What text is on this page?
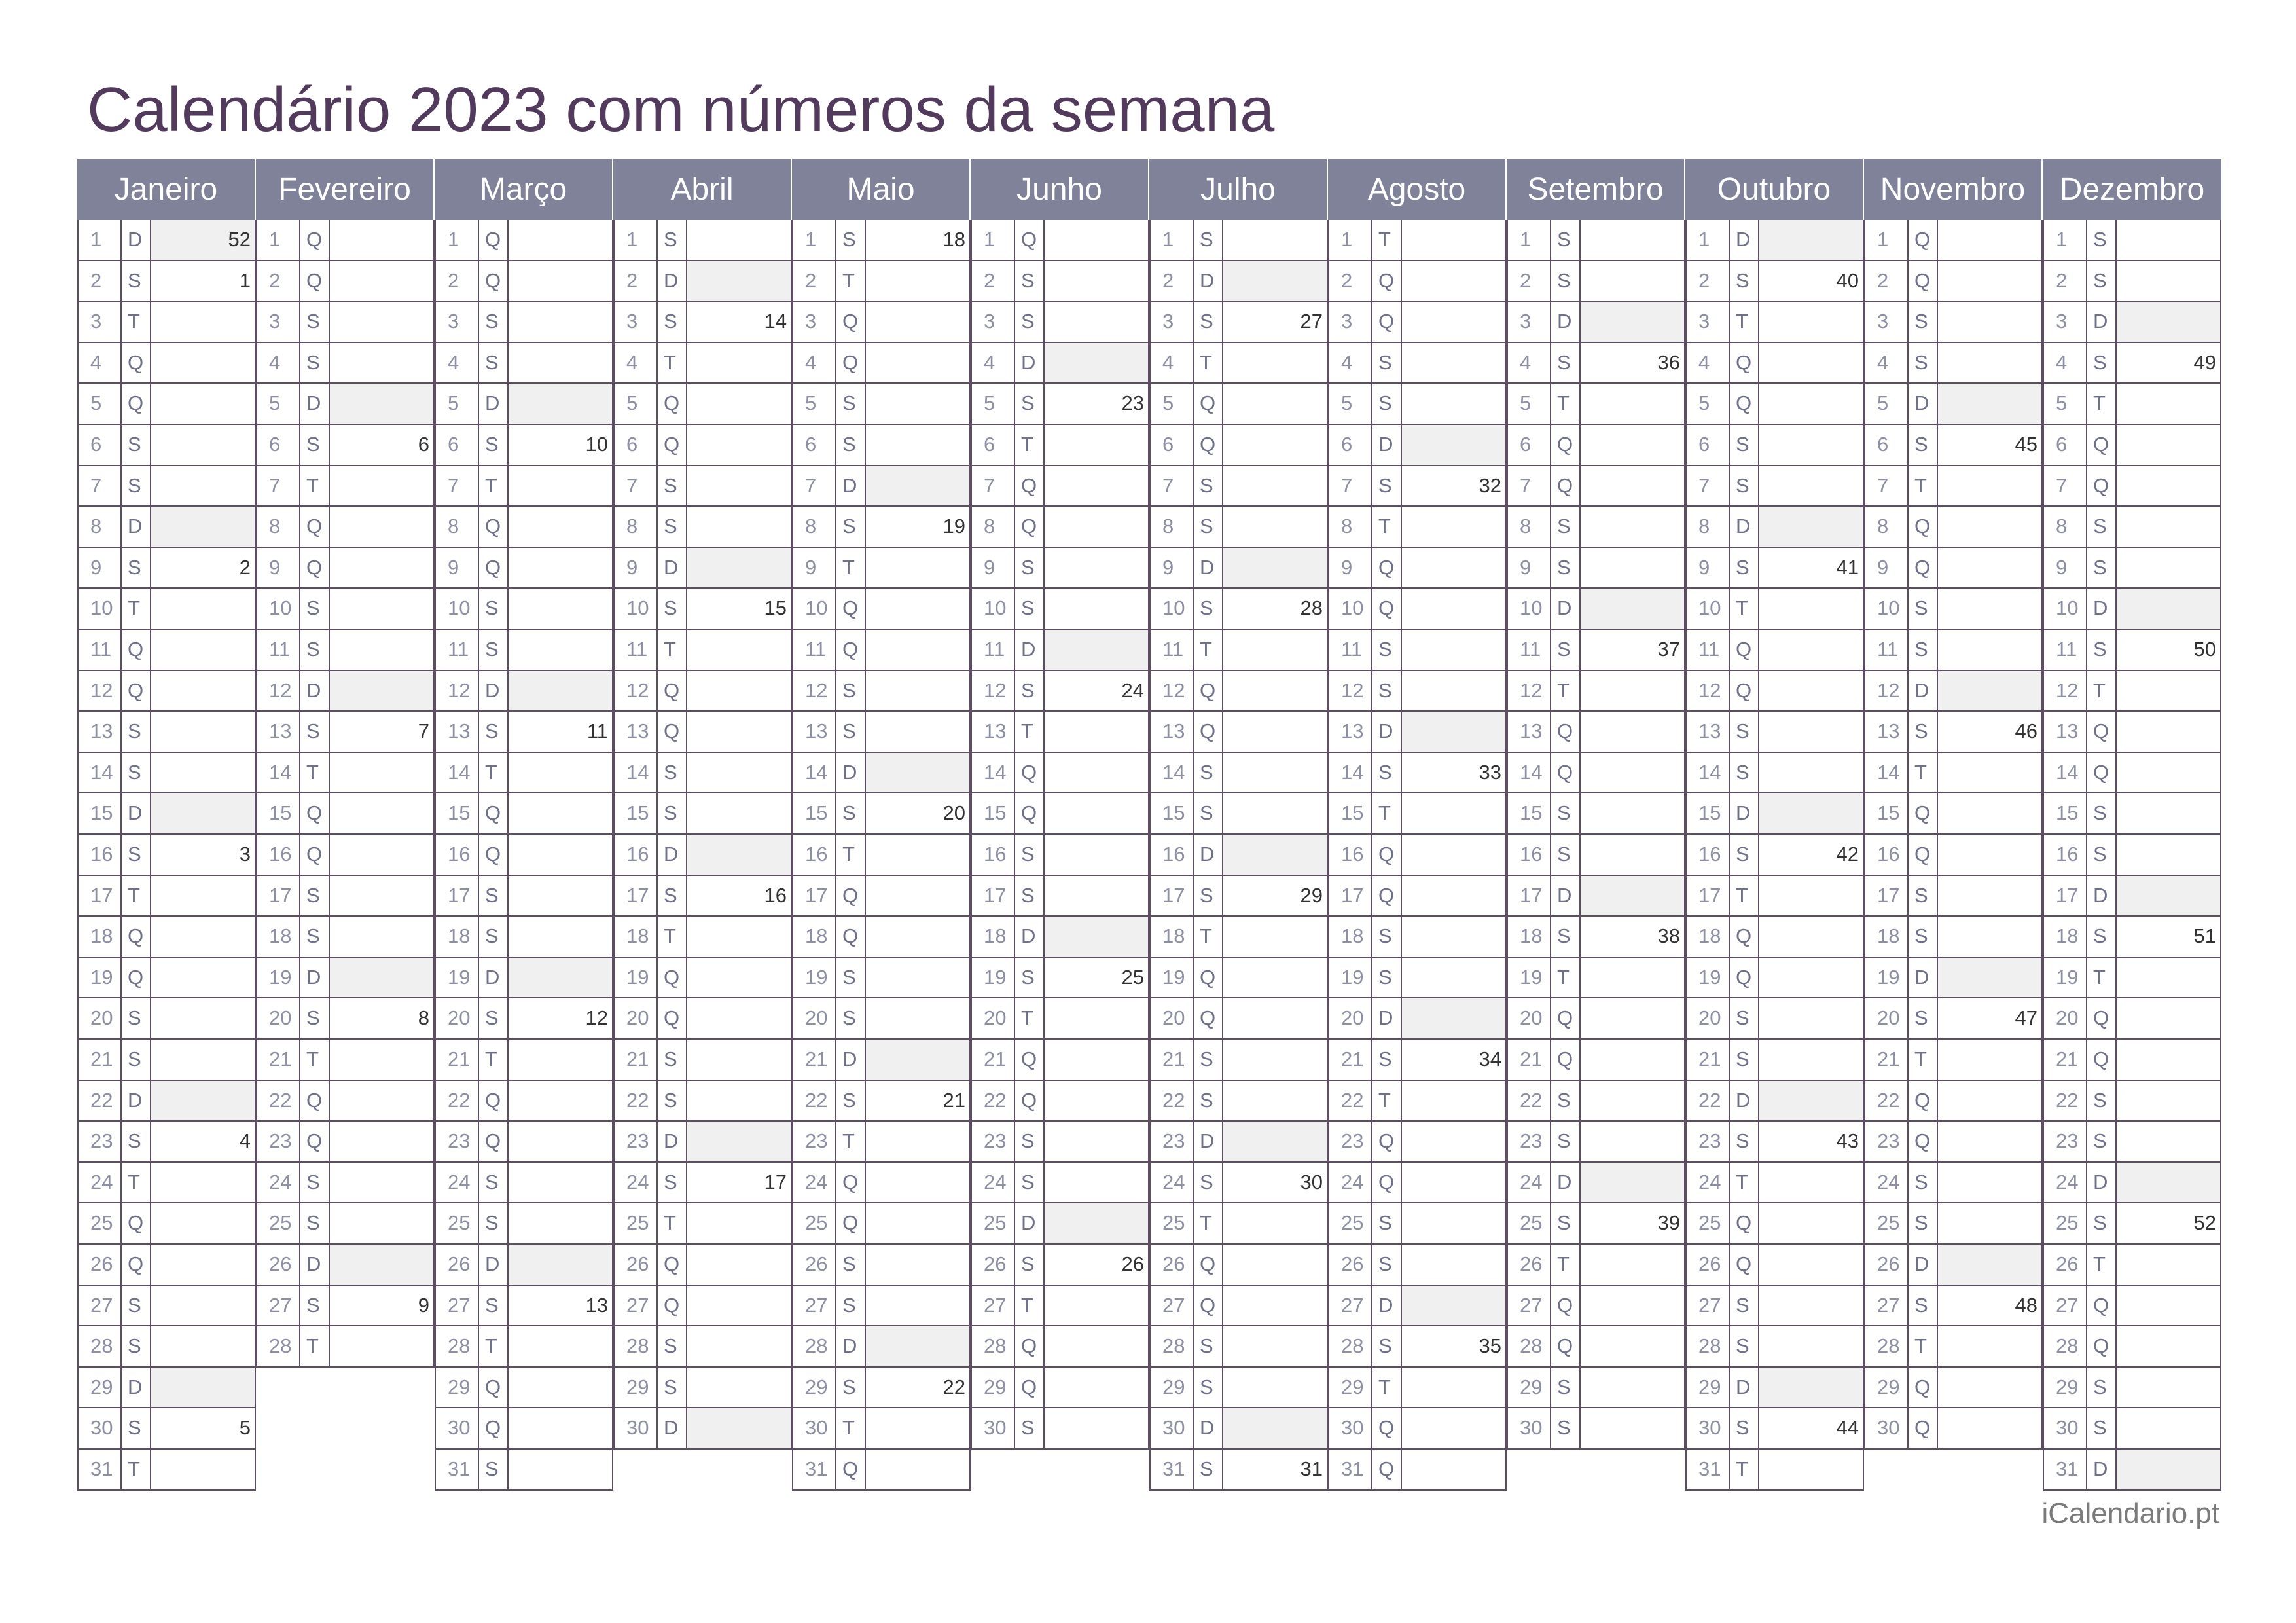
Calendário 2023 com números da semana
Janeiro
1	D	52
2	S	1
3	T
4	Q
5	Q
6	S
7	S
8	D
9	S	2
10 T
11 Q
12 Q
13 S
14 S
15 D
16 S	3
17 T
18 Q
19 Q
20 S
21 S
22 D
23 S	4
24 T
25 Q
26 Q
27 S
28 S
29 D
30 S	5
31 T
Fevereiro
1	Q
2	Q
3	S
4	S
5	D
6	S	6
7	T
8	Q
9	Q
10 S
11 S
12 D
13 S	7
14 T
15 Q
16 Q
17 S
18 S
19 D
20 S	8
21 T
22 Q
23 Q
24 S
25 S
26 D
27 S	9
28 T
Março
1	Q
2	Q
3	S
4	S
5	D
6	S	10
7	T
8	Q
9	Q
10 S
11 S
12 D
13 S	11
14 T
15 Q
16 Q
17 S
18 S
19 D
20 S	12
21 T
22 Q
23 Q
24 S
25 S
26 D
27 S	13
28 T
29 Q
30 Q
31 S
Abril
1	S
2	D
3	S	14
4	T
5	Q
6	Q
7	S
8	S
9	D
10 S	15
11 T
12 Q
13 Q
14 S
15 S
16 D
17 S	16
18 T
19 Q
20 Q
21 S
22 S
23 D
24 S	17
25 T
26 Q
27 Q
28 S
29 S
30 D
Maio
1	S	18
2	T
3	Q
4	Q
5	S
6	S
7	D
8	S	19
9	T
10 Q
11 Q
12 S
13 S
14 D
15 S	20
16 T
17 Q
18 Q
19 S
20 S
21 D
22 S	21
23 T
24 Q
25 Q
26 S
27 S
28 D
29 S	22
30 T
31 Q
Junho
1	Q
2	S
3	S
4	D
5	S	23
6	T
7	Q
8	Q
9	S
10 S
11 D
12 S	24
13 T
14 Q
15 Q
16 S
17 S
18 D
19 S	25
20 T
21 Q
22 Q
23 S
24 S
25 D
26 S	26
27 T
28 Q
29 Q
30 S
Julho
1	S
2	D
3	S	27
4	T
5	Q
6	Q
7	S
8	S
9	D
10 S	28
11 T
12 Q
13 Q
14 S
15 S
16 D
17 S	29
18 T
19 Q
20 Q
21 S
22 S
23 D
24 S	30
25 T
26 Q
27 Q
28 S
29 S
30 D
31 S	31
Agosto
1	T
2	Q
3	Q
4	S
5	S
6	D
7	S	32
8	T
9	Q
10 Q
11 S
12 S
13 D
14 S	33
15 T
16 Q
17 Q
18 S
19 S
20 D
21 S	34
22 T
23 Q
24 Q
25 S
26 S
27 D
28 S	35
29 T
30 Q
31 Q
Setembro
1	S
2	S
3	D
4	S	36
5	T
6	Q
7	Q
8	S
9	S
10 D
11 S	37
12 T
13 Q
14 Q
15 S
16 S
17 D
18 S	38
19 T
20 Q
21 Q
22 S
23 S
24 D
25 S	39
26 T
27 Q
28 Q
29 S
30 S
Outubro
1	D
2	S	40
3	T
4	Q
5	Q
6	S
7	S
8	D
9	S	41
10 T
11 Q
12 Q
13 S
14 S
15 D
16 S	42
17 T
18 Q
19 Q
20 S
21 S
22 D
23 S	43
24 T
25 Q
26 Q
27 S
28 S
29 D
30 S	44
31 T
Novembro
1	Q
2	Q
3	S
4	S
5	D
6	S	45
7	T
8	Q
9	Q
10 S
11 S
12 D
13 S	46
14 T
15 Q
16 Q
17 S
18 S
19 D
20 S	47
21 T
22 Q
23 Q
24 S
25 S
26 D
27 S	48
28 T
29 Q
30 Q
Dezembro
1	S
2	S
3	D
4	S	49
5	T
6	Q
7	Q
8	S
9	S
10 D
11 S	50
12 T
13 Q
14 Q
15 S
16 S
17 D
18 S	51
19 T
20 Q
21 Q
22 S
23 S
24 D
25 S	52
26 T
27 Q
28 Q
29 S
30 S
31 D
iCalendario.pt
